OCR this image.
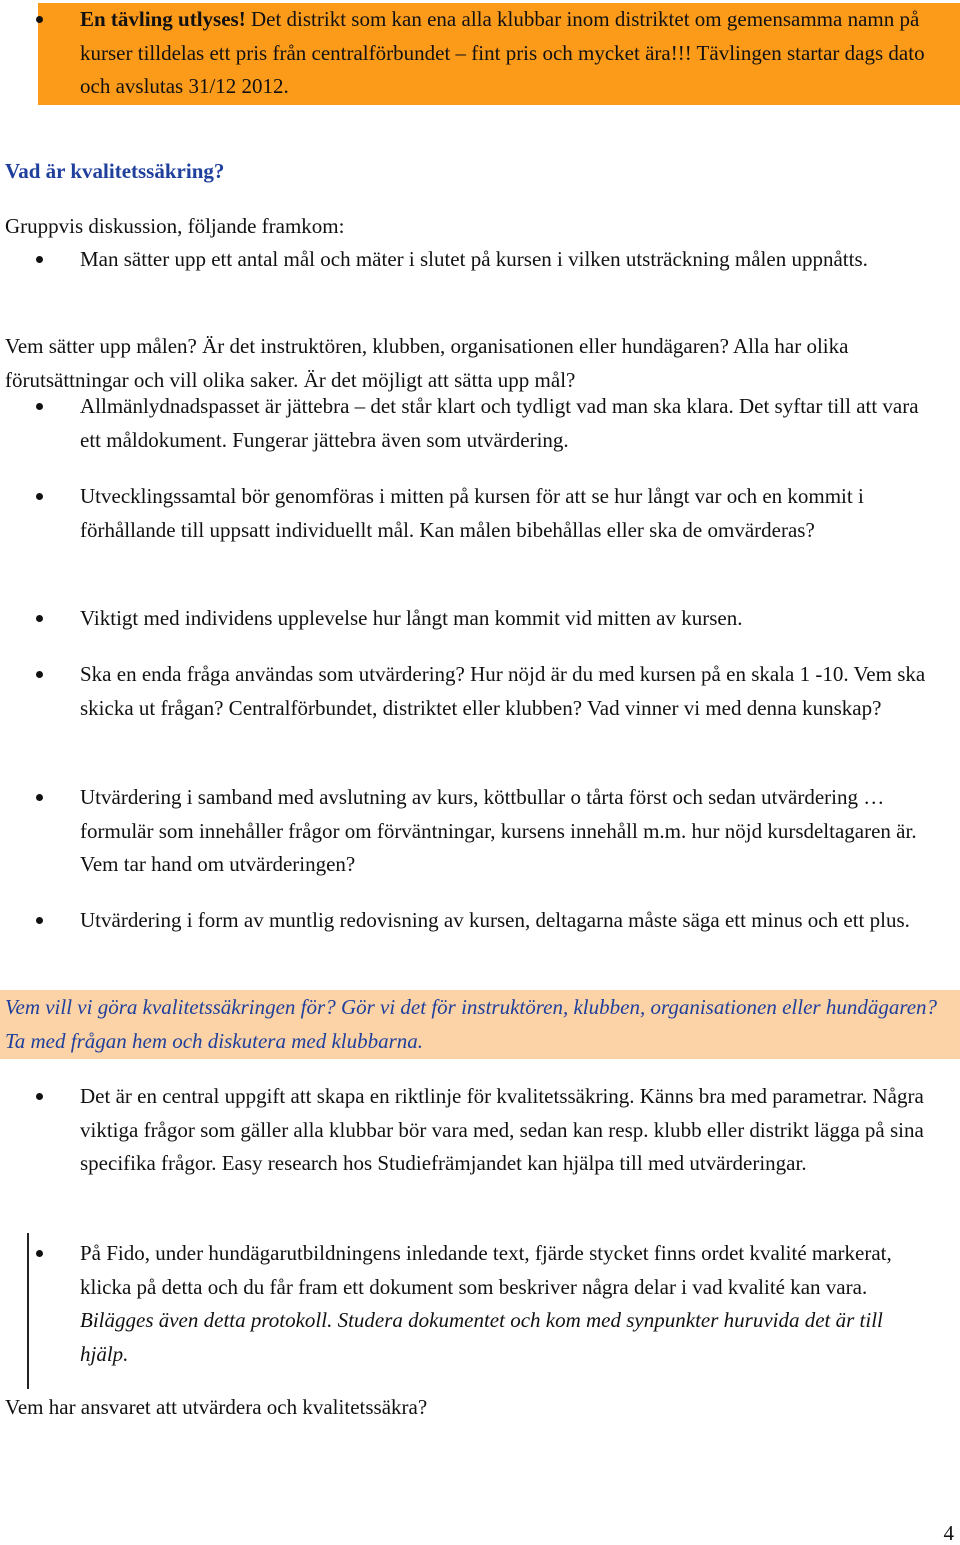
En tävling utlyses! Det distrikt som kan ena alla klubbar inom distriktet om gemensamma namn på kurser tilldelas ett pris från centralförbundet – fint pris och mycket ära!!! Tävlingen startar dags dato och avslutas 31/12 2012.
Vad är kvalitetssäkring?
Gruppvis diskussion, följande framkom:
Man sätter upp ett antal mål och mäter i slutet på kursen i vilken utsträckning målen uppnåtts.
Vem sätter upp målen? Är det instruktören, klubben, organisationen eller hundägaren? Alla har olika förutsättningar och vill olika saker. Är det möjligt att sätta upp mål?
Allmänlydnadspasset är jättebra – det står klart och tydligt vad man ska klara. Det syftar till att vara ett måldokument. Fungerar jättebra även som utvärdering.
Utvecklingssamtal bör genomföras i mitten på kursen för att se hur långt var och en kommit i förhållande till uppsatt individuellt mål. Kan målen bibehållas eller ska de omvärderas?
Viktigt med individens upplevelse hur långt man kommit vid mitten av kursen.
Ska en enda fråga användas som utvärdering? Hur nöjd är du med kursen på en skala 1 -10. Vem ska skicka ut frågan? Centralförbundet, distriktet eller klubben? Vad vinner vi med denna kunskap?
Utvärdering i samband med avslutning av kurs, köttbullar o tårta först och sedan utvärdering … formulär som innehåller frågor om förväntningar, kursens innehåll m.m. hur nöjd kursdeltagaren är. Vem tar hand om utvärderingen?
Utvärdering i form av muntlig redovisning av kursen, deltagarna måste säga ett minus och ett plus.
Vem vill vi göra kvalitetssäkringen för? Gör vi det för instruktören, klubben, organisationen eller hundägaren? Ta med frågan hem och diskutera med klubbarna.
Det är en central uppgift att skapa en riktlinje för kvalitetssäkring. Känns bra med parametrar. Några viktiga frågor som gäller alla klubbar bör vara med, sedan kan resp. klubb eller distrikt lägga på sina specifika frågor. Easy research hos Studiefrämjandet kan hjälpa till med utvärderingar.
På Fido, under hundägarutbildningens inledande text, fjärde stycket finns ordet kvalité markerat, klicka på detta och du får fram ett dokument som beskriver några delar i vad kvalité kan vara. Bilägges även detta protokoll. Studera dokumentet och kom med synpunkter huruvida det är till hjälp.
Vem har ansvaret att utvärdera och kvalitetssäkra?
4
